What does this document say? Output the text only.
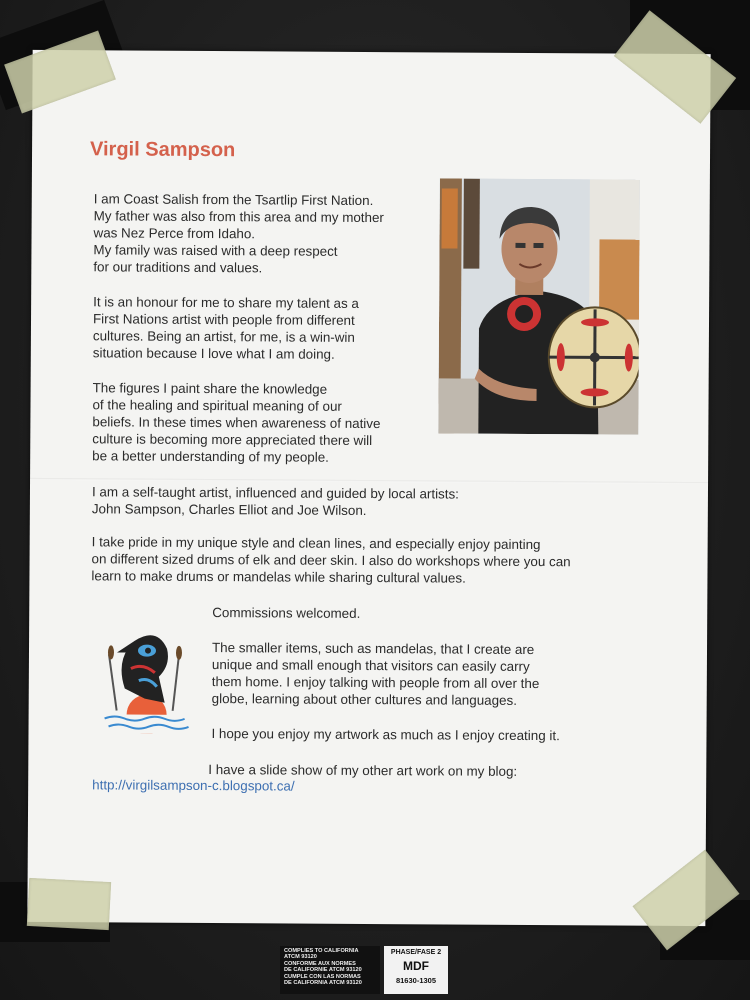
Virgil Sampson

I am Coast Salish from the Tsartlip First Nation.
My father was also from this area and my mother
was Nez Perce from Idaho.
My family was raised with a deep respect
for our traditions and values.

It is an honour for me to share my talent as a
First Nations artist with people from different
cultures. Being an artist, for me, is a win-win
situation because I love what I am doing.

The figures I paint share the knowledge
of the healing and spiritual meaning of our
beliefs. In these times when awareness of native
culture is becoming more appreciated there will
be a better understanding of my people.

I am a self-taught artist, influenced and guided by local artists:
John Sampson, Charles Elliot and Joe Wilson.

I take pride in my unique style and clean lines, and especially enjoy painting
on different sized drums of elk and deer skin. I also do workshops where you can
learn to make drums or mandelas while sharing cultural values.

Commissions welcomed.

The smaller items, such as mandelas, that I create are
unique and small enough that visitors can easily carry
them home. I enjoy talking with people from all over the
globe, learning about other cultures and languages.

I hope you enjoy my artwork as much as I enjoy creating it.

I have a slide show of my other art work on my blog:

http://virgilsampson-c.blogspot.ca/
COMPLIES TO CALIFORNIA
ATCM 93120
CONFORME AUX NORMES
DE CALIFORNIE ATCM 93120
CUMPLE CON LAS NORMAS
DE CALIFORNIA ATCM 93120
PHASE/FASE 2
MDF
81630-1305
